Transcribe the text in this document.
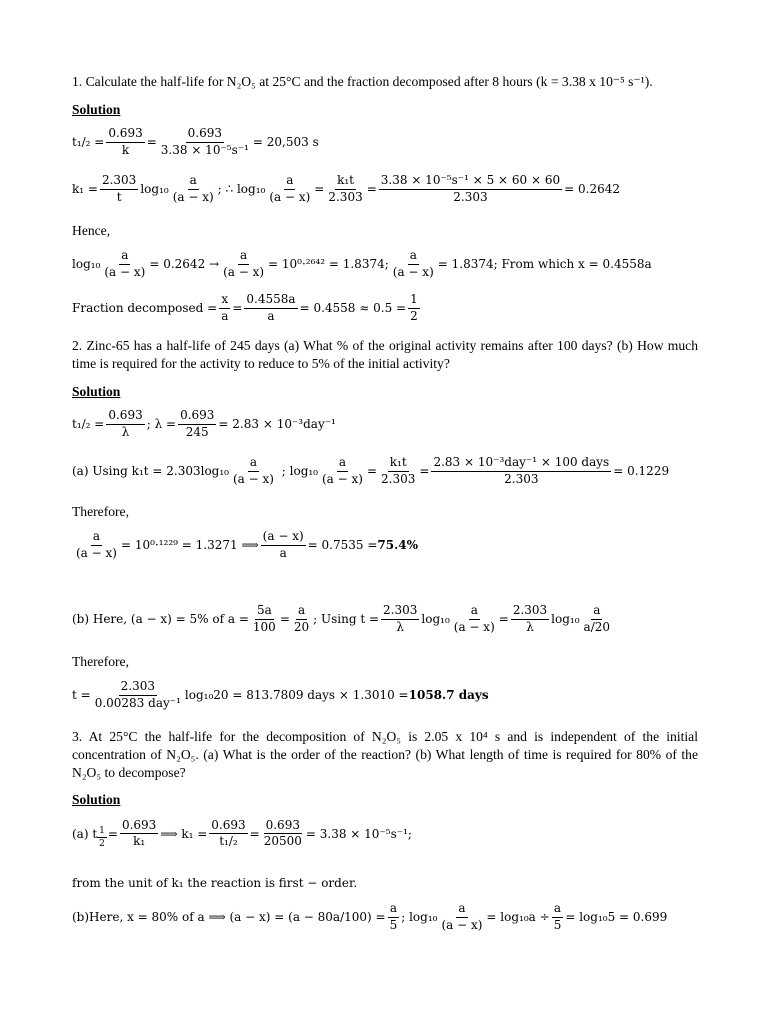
1. Calculate the half-life for N₂O₅ at 25°C and the fraction decomposed after 8 hours (k = 3.38 x 10⁻⁵ s⁻¹).
Solution
$t_1/_2 = \frac{0.693}{k} = \frac{0.693}{\text{3.38 × 10⁻⁵s⁻¹}} = 20,503$ s
$k_1 = \frac{2.303}{t} \log_{10}$
a
(a − x)
; ∴ $\log_{10} \frac{a}{(a - x)} = \frac{\text{k₁t}}{2.303} = \frac{\text{3.38 × 10⁻⁵s⁻¹ × 5 × 60 × 60}}{2.303} = 0.2642$
Hence,
$\log_{10} \frac{a}{(a - x)} = 0.2642 \to \frac{a}{(a - x)} = 10^0\cdot^{2642} = 1.8374$; $\frac{a}{(a - x)} = 1.8374$; From which x = 0.4558a
Fraction decomposed = $\frac{x}{a} = \frac{0.4558a}{a} = 0.4558 \approx 0.5 = \frac{1}{2}$
2. Zinc-65 has a half-life of 245 days (a) What % of the original activity remains after 100 days? (b) How much time is required for the activity to reduce to 5% of the initial activity?
Solution
$t_1/_2 = \frac{0.693}{\lambda}$ ; $\lambda = \frac{0.693}{245} = 2.83 \times 10^{-3}day^{-1}$
(a) Using k₁t = 2.303log₁₀
a
(a − x)
; $\log_{10} \frac{a}{(a - x)} = \frac{\text{k₁t}}{2.303}$ =
2.83 × 10⁻³day⁻¹ × 100 days
2.303
= 0.1229
Therefore,
$\frac{a}{(a - x)} = 10^0\cdot^{1229} = 1.3271$ ⟹ $\frac{(a - x)}{a} = 0.7535 = 75.4\%$
(b) Here, (a − x) = 5% of $a = \frac{5a}{100} = \frac{a}{20}$ ; Using $t = \frac{2.303}{\lambda} \log_{10} \frac{a}{(a - x)} = \frac{2.303}{\lambda} \log_{10}$
a
a/20
Therefore,
t =
2.303
0.00283 day⁻¹
log₁₀20 = 813.7809 days × 1.3010 = 1058.7 days
3. At 25°C the half-life for the decomposition of N₂O₅ is 2.05 x 10⁴ s and is independent of the initial concentration of N₂O₅. (a) What is the order of the reaction? (b) What length of time is required for 80% of the N₂O₅ to decompose?
Solution
(a) t $\frac{1}{2} = \frac{0.693}{\text{k₁}}$ ⟹ $k_1 = \frac{0.693}{\text{t₁/₂}} = \frac{0.693}{20500} = 3.38 \times 10^{-5}s^{-1}$;
from the unit of k₁ the reaction is first − order.
(b)Here, x = 80% of a ⟹ $(a - x) = (a - 80a/100) = \frac{a}{5}$ ; $\log_{10} \frac{a}{(a - x)} = \log_{10}a \div \frac{a}{5} = \log_{10}5 = 0.699$
